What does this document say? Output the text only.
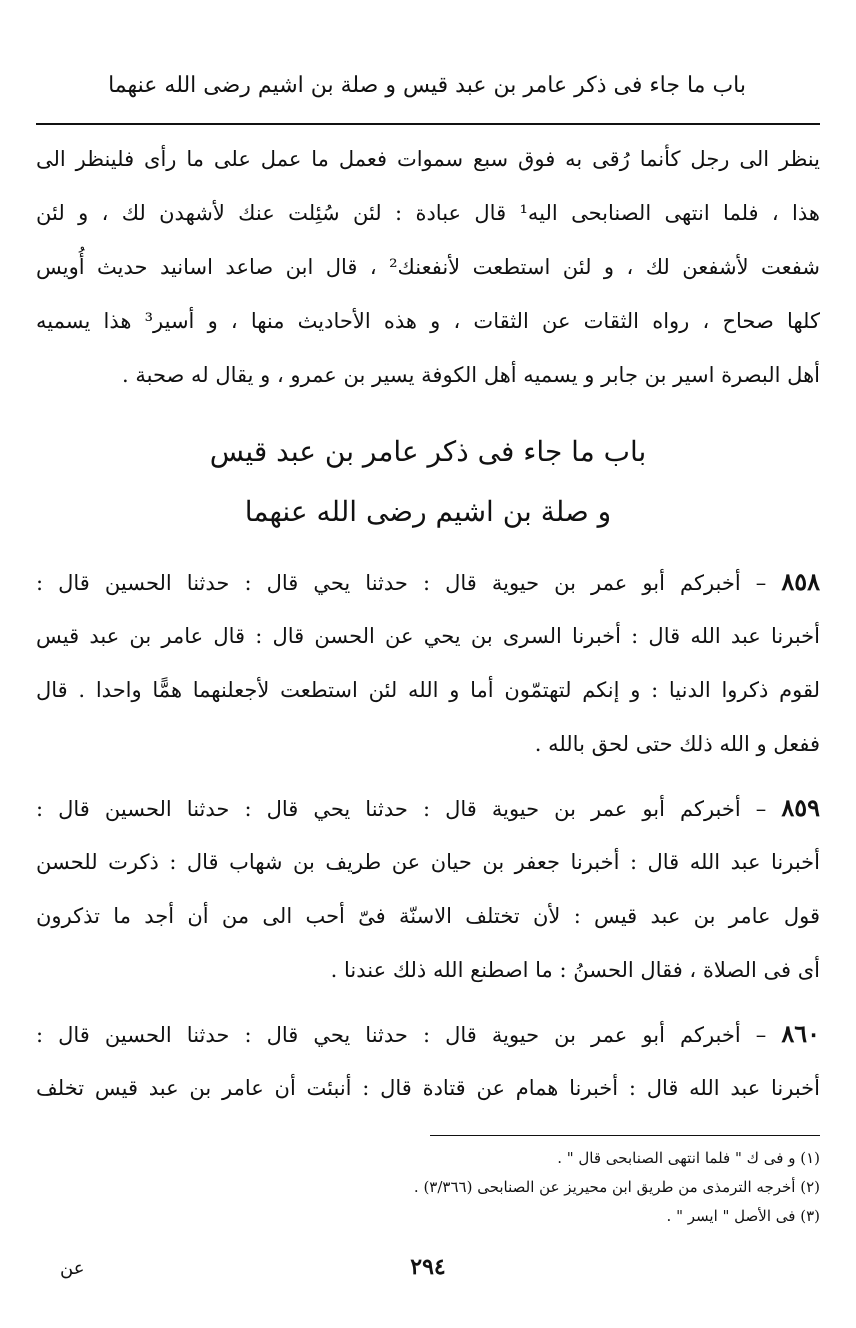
باب ما جاء فى ذكر عامر بن عبد قيس و صلة بن اشيم رضى الله عنهما
ينظر الى رجل كأنما رُقى به فوق سبع سموات فعمل ما عمل على ما رأى فلينظر الى
هذا ، فلما انتهى الصنابحى اليه¹ قال عبادة : لئن سُئِلت عنك لأشهدن لك ، و لئن
شفعت لأشفعن لك ، و لئن استطعت لأنفعنك² ، قال ابن صاعد اسانيد حديث أُويس
كلها صحاح ، رواه الثقات عن الثقات ، و هذه الأحاديث منها ، و أسير³ هذا يسميه
أهل البصرة اسير بن جابر و يسميه أهل الكوفة يسير بن عمرو ، و يقال له صحبة .
باب ما جاء فى ذكر عامر بن عبد قيس
و صلة بن اشيم رضى الله عنهما
٨٥٨ – أخبركم أبو عمر بن حيوية قال : حدثنا يحي قال : حدثنا الحسين قال :
أخبرنا عبد الله قال : أخبرنا السرى بن يحي عن الحسن قال : قال عامر بن عبد قيس
لقوم ذكروا الدنيا : و إنكم لتهتمّون أما و الله لئن استطعت لأجعلنهما همًّا واحدا . قال
ففعل و الله ذلك حتى لحق بالله .
٨٥٩ – أخبركم أبو عمر بن حيوية قال : حدثنا يحي قال : حدثنا الحسين قال :
أخبرنا عبد الله قال : أخبرنا جعفر بن حيان عن طريف بن شهاب قال : ذكرت للحسن
قول عامر بن عبد قيس : لأن تختلف الاسنّة فىّ أحب الى من أن أجد ما تذكرون
أى فى الصلاة ، فقال الحسنُ : ما اصطنع الله ذلك عندنا .
٨٦٠ – أخبركم أبو عمر بن حيوية قال : حدثنا يحي قال : حدثنا الحسين قال :
أخبرنا عبد الله قال : أخبرنا همام عن قتادة قال : أنبئت أن عامر بن عبد قيس تخلف
(١) و فى ك " فلما انتهى الصنابحى قال " .
(٢) أخرجه الترمذى من طريق ابن محيريز عن الصنابحى (٣/٣٦٦) .
(٣) فى الأصل " ايسر " .
٢٩٤
عن
